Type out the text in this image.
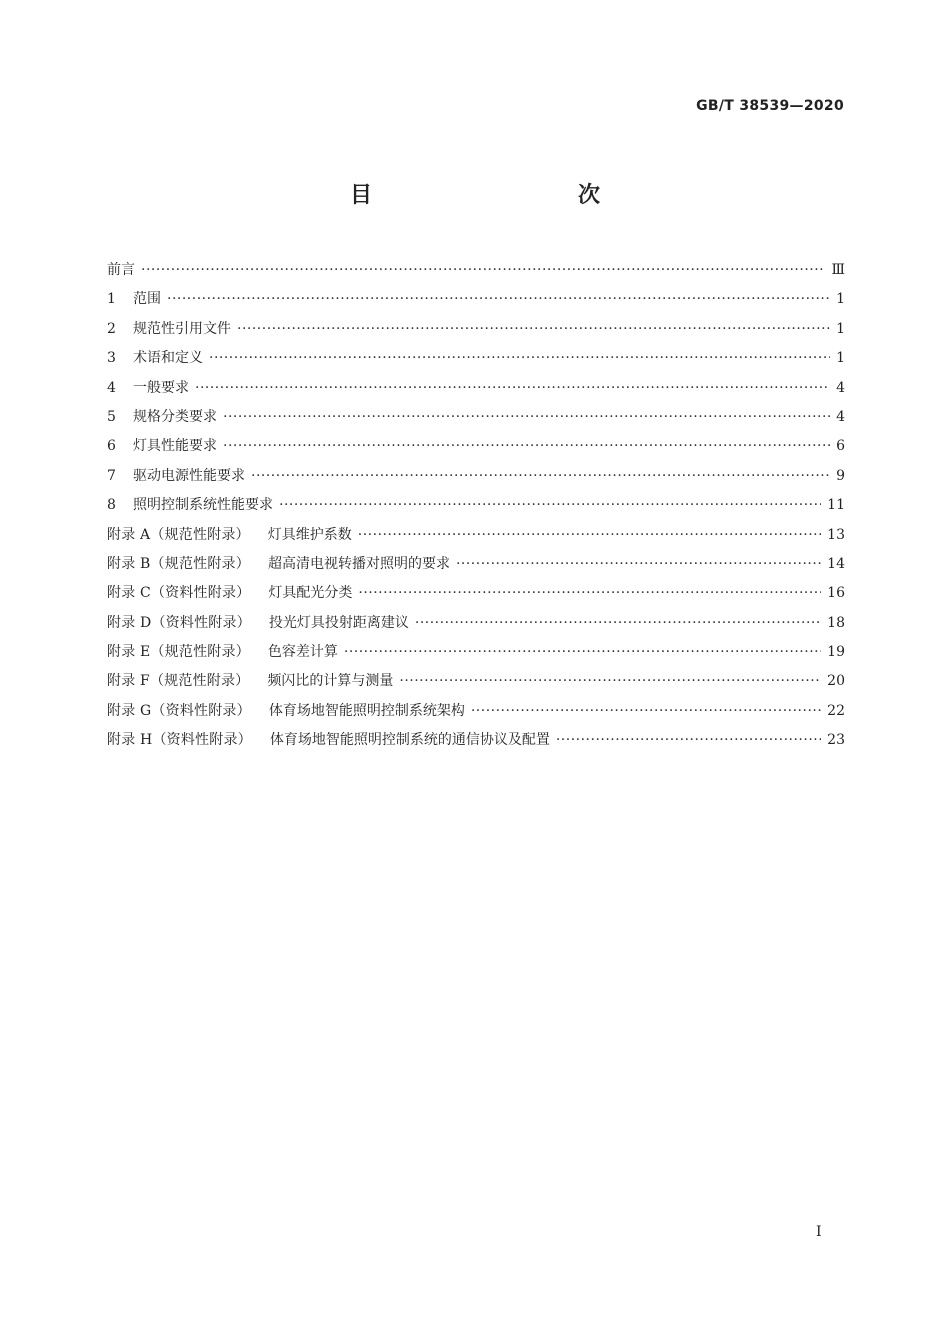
GB/T 38539—2020
目　　次
前言 ·····	Ⅲ
1	范围 ·····	1
2	规范性引用文件 ·····	1
3	术语和定义 ·····	1
4	一般要求 ·····	4
5	规格分类要求 ·····	4
6	灯具性能要求 ·····	6
7	驱动电源性能要求 ·····	9
8	照明控制系统性能要求 ·····	11
附录 A（规范性附录） 灯具维护系数 ·····	13
附录 B（规范性附录） 超高清电视转播对照明的要求 ·····	14
附录 C（资料性附录） 灯具配光分类 ·····	16
附录 D（资料性附录） 投光灯具投射距离建议 ·····	18
附录 E（规范性附录） 色容差计算 ·····	19
附录 F（规范性附录） 频闪比的计算与测量 ·····	20
附录 G（资料性附录） 体育场地智能照明控制系统架构 ·····	22
附录 H（资料性附录） 体育场地智能照明控制系统的通信协议及配置 ·····	23
Ⅰ
